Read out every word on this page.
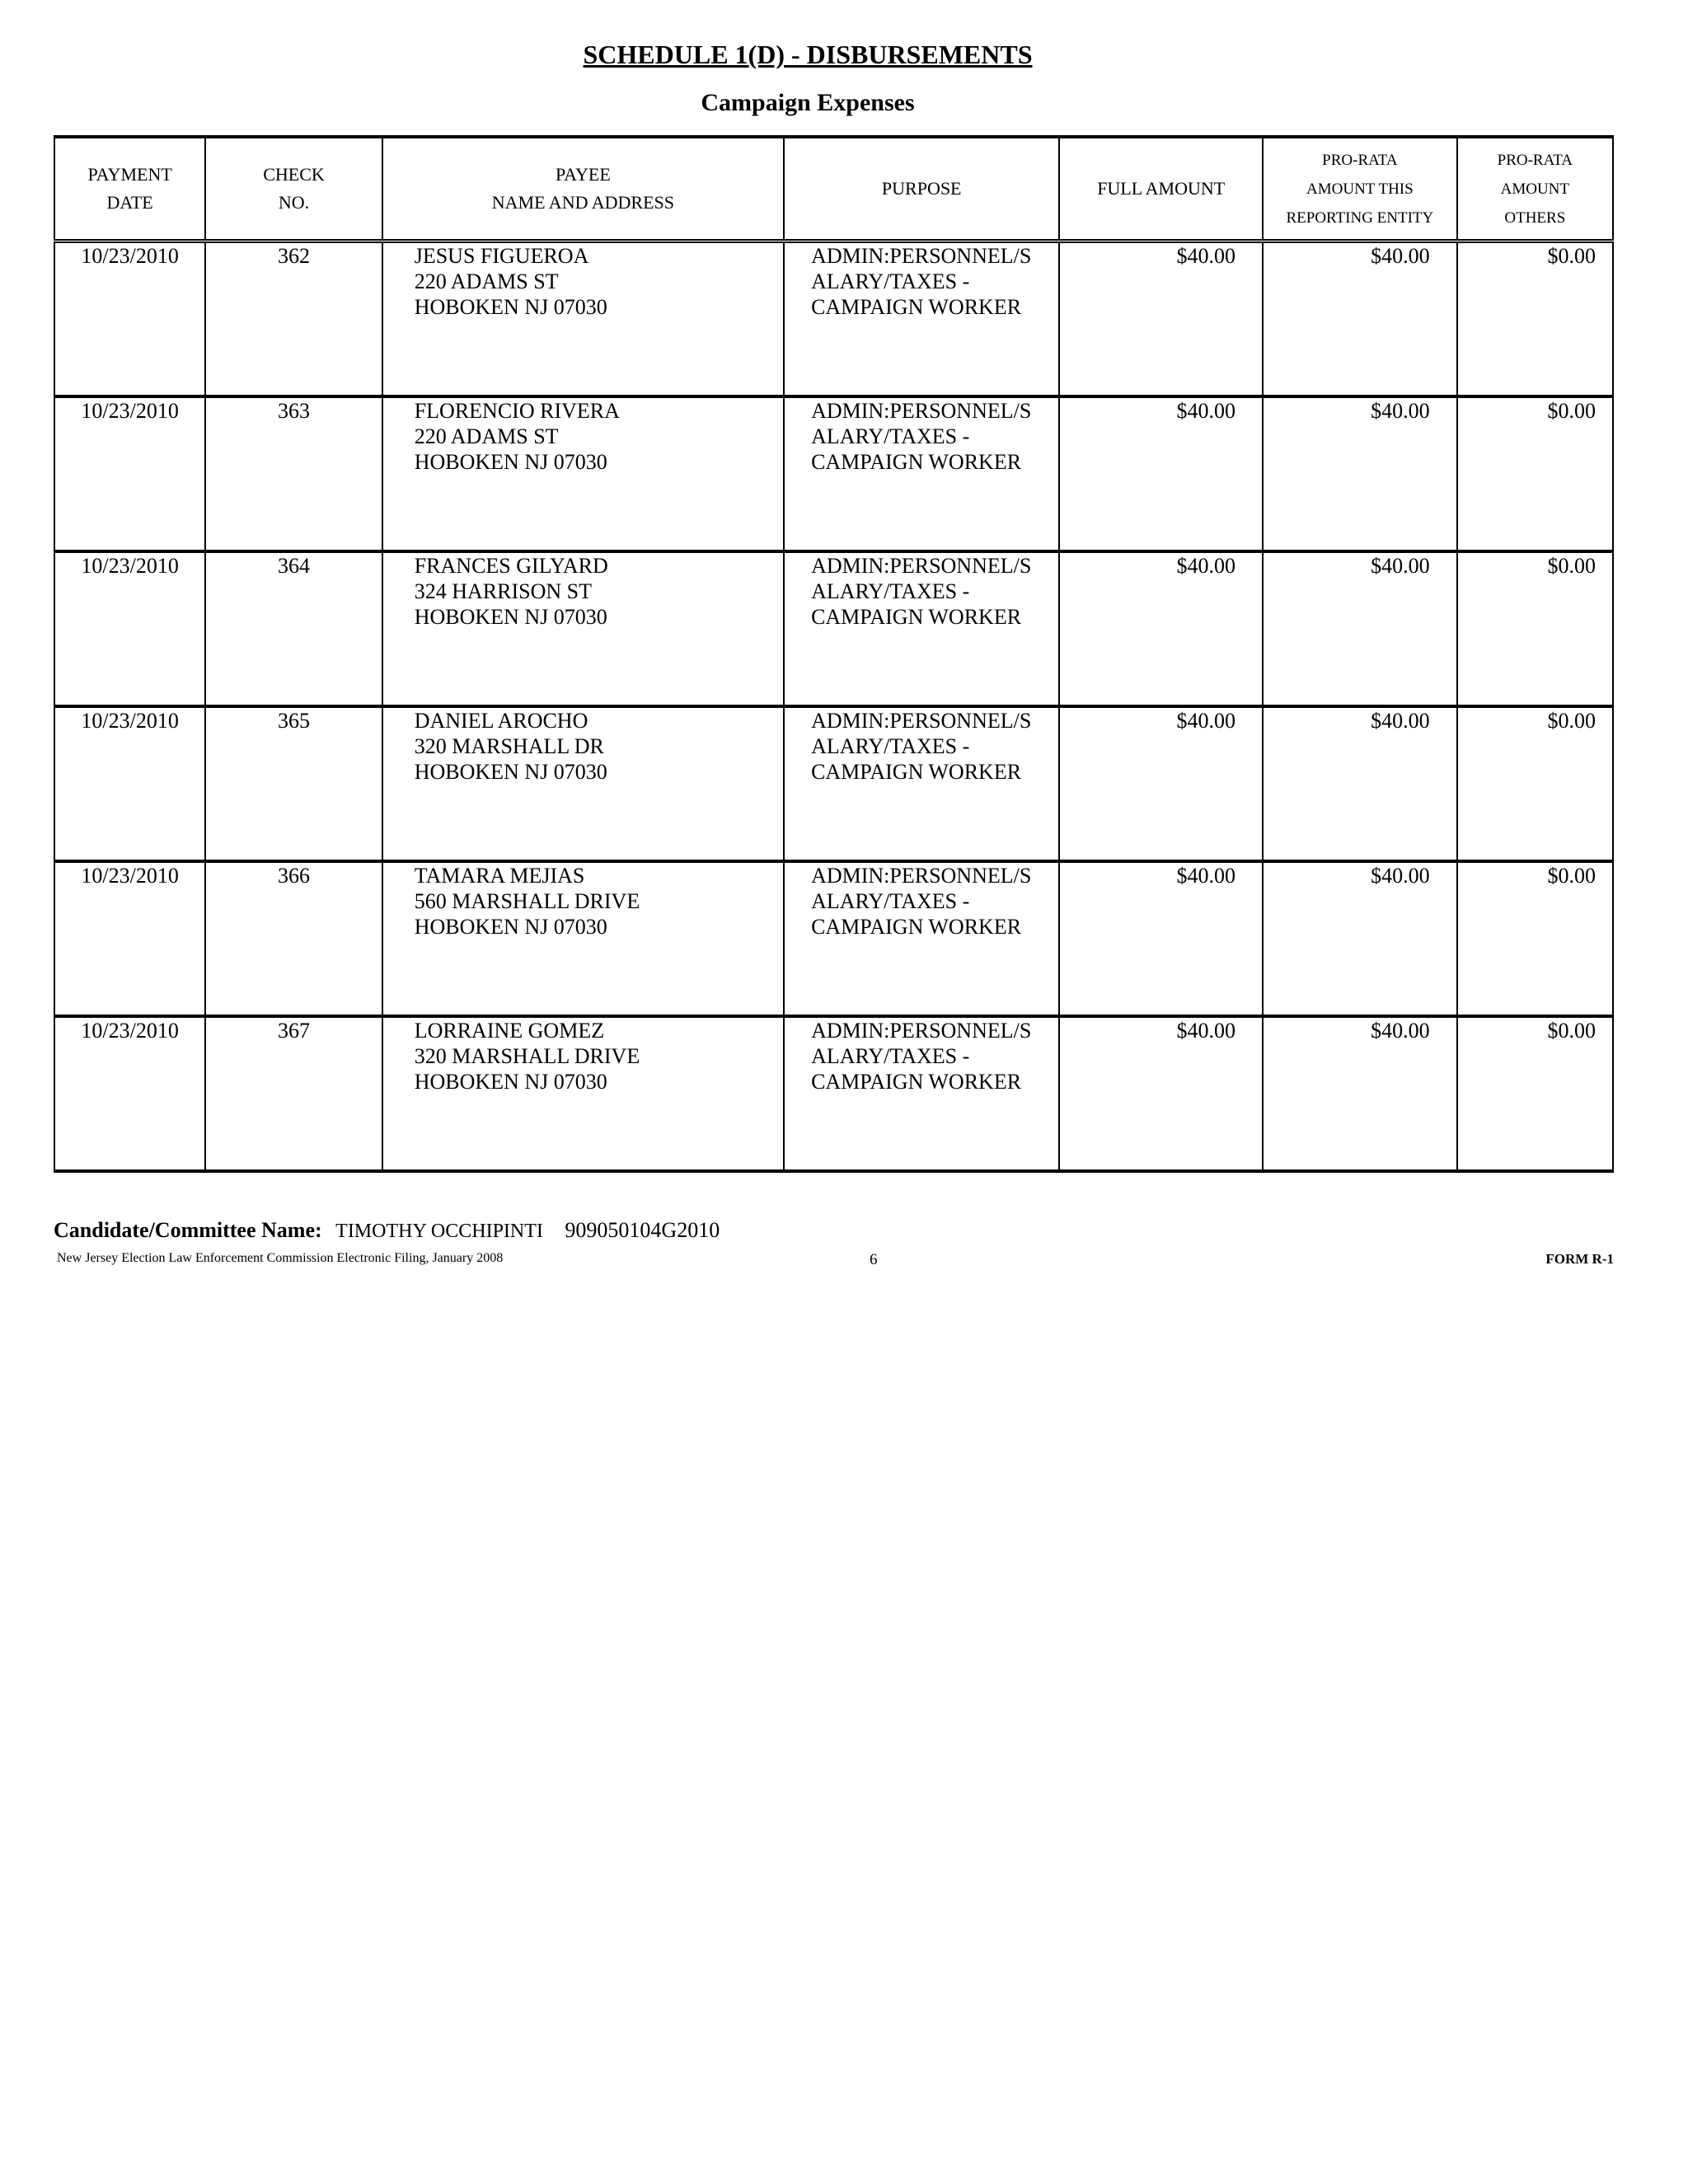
SCHEDULE 1(D) - DISBURSEMENTS
Campaign Expenses
PAYMENT
DATE	CHECK
NO.	PAYEE
NAME AND ADDRESS	PURPOSE	FULL AMOUNT	PRO-RATA
AMOUNT THIS
REPORTING ENTITY	PRO-RATA
AMOUNT
OTHERS

10/23/2010	362	JESUS FIGUEROA
220 ADAMS ST
HOBOKEN NJ 07030	ADMIN:PERSONNEL/S
ALARY/TAXES -
CAMPAIGN WORKER	$40.00	$40.00	$0.00
10/23/2010	363	FLORENCIO RIVERA
220 ADAMS ST
HOBOKEN NJ 07030	ADMIN:PERSONNEL/S
ALARY/TAXES -
CAMPAIGN WORKER	$40.00	$40.00	$0.00
10/23/2010	364	FRANCES GILYARD
324 HARRISON ST
HOBOKEN NJ 07030	ADMIN:PERSONNEL/S
ALARY/TAXES -
CAMPAIGN WORKER	$40.00	$40.00	$0.00
10/23/2010	365	DANIEL AROCHO
320 MARSHALL DR
HOBOKEN NJ 07030	ADMIN:PERSONNEL/S
ALARY/TAXES -
CAMPAIGN WORKER	$40.00	$40.00	$0.00
10/23/2010	366	TAMARA MEJIAS
560 MARSHALL DRIVE
HOBOKEN NJ 07030	ADMIN:PERSONNEL/S
ALARY/TAXES -
CAMPAIGN WORKER	$40.00	$40.00	$0.00
10/23/2010	367	LORRAINE GOMEZ
320 MARSHALL DRIVE
HOBOKEN NJ 07030	ADMIN:PERSONNEL/S
ALARY/TAXES -
CAMPAIGN WORKER	$40.00	$40.00	$0.00
Candidate/Committee Name: TIMOTHY OCCHIPINTI 909050104G2010
New Jersey Election Law Enforcement Commission Electronic Filing, January 2008	6	FORM R-1
